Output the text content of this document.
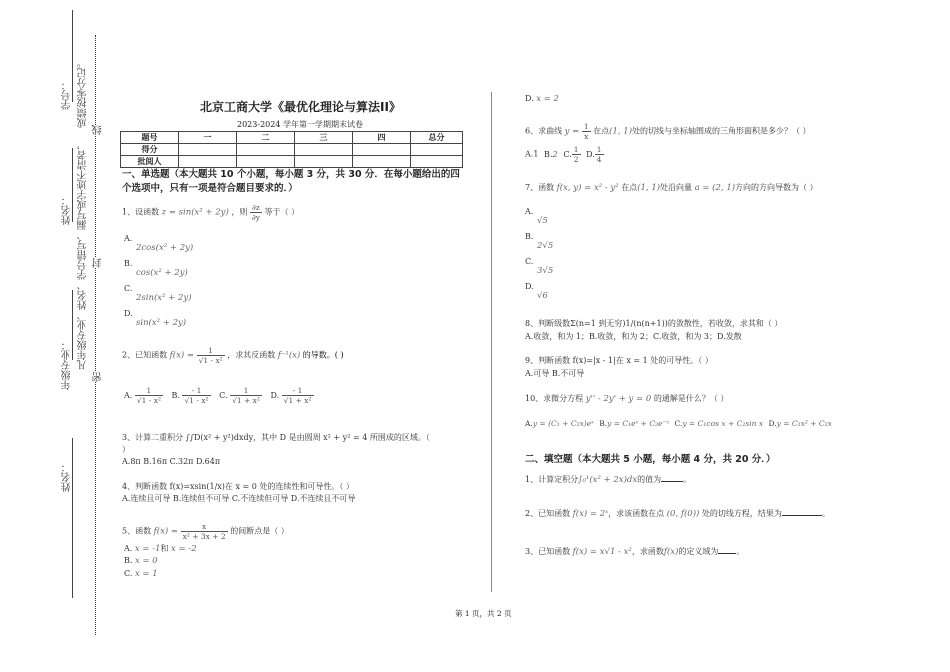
学号：
姓名：
年级专业：
姓名：
成绩按零分记。
凡年级专业、姓名、学号错写、漏写或字迹不清者，
线
封
密
北京工商大学《最优化理论与算法II》
2023-2024 学年第一学期期末试卷
题号	一	二	三	四	总分
得分					
批阅人					
一、单选题（本大题共 10 个小题，每小题 3 分，共 30 分．在每小题给出的四个选项中，只有一项是符合题目要求的．）
1、设函数 z = sin(x² + 2y) ，则 $\frac{\partial z}{\partial y}$ 等于（ ）
A.
2cos(x² + 2y)
B.
cos(x² + 2y)
C.
2sin(x² + 2y)
D.
sin(x² + 2y)
2、已知函数 $f(x) = \frac{1}{\text{√1 - x²}}$ ，求其反函数 f⁻¹(x) 的导数。( )
A. $\frac{1}{\text{√1 - x²}} B$. $\frac{- 1}{\text{√1 - x²}} C$. $\frac{1}{\text{√1 + x²}} D$. $\frac{- 1}{\text{√1 + x²}}$
3、计算二重积分 ∫∫D(x² + y²)dxdy，其中 D 是由圆周 x² + y² = 4 所围成的区域。（
）
A.8π B.16π C.32π D.64π
4、判断函数 f(x)=xsin(1/x)在 x = 0 处的连续性和可导性。（ ）
A.连续且可导 B.连续但不可导 C.不连续但可导 D.不连续且不可导
5、函数 $f(x) = \frac{x}{\text{x² + 3x + 2}}$ 的间断点是（ ）
A. x = -1和 x = -2
B. x = 0
C. x = 1
D. x = 2
6、求曲线 $y = \frac{1}{x}$ 在点(1, 1)处的切线与坐标轴围成的三角形面积是多少？（ ）
A.1 B.2 C. $\frac{1}{2} D$. $\frac{1}{4}$
7、函数 f(x, y) = x² - y² 在点(1, 1)处沿向量 a = (2, 1)方向的方向导数为（ ）
A.
√5
B.
2√5
C.
3√5
D.
√6
8、判断级数Σ(n=1 到无穷)1/(n(n+1))的敛散性，若收敛，求其和（ ）
A.收敛，和为 1；B.收敛，和为 2；C.收敛，和为 3；D.发散
9、判断函数 f(x)=|x - 1|在 x = 1 处的可导性。（ ）
A.可导 B.不可导
10、求微分方程 y'' - 2y' + y = 0 的通解是什么？（ ）
A.y = (C₁ + C₂x)eˣ B.y = C₁eˣ + C₂e⁻ˣ C.y = C₁cos x + C₂sin x D.y = C₁x² + C₂x
二、填空题（本大题共 5 小题，每小题 4 分，共 20 分．）
1、计算定积分∫₀¹(x² + 2x)dx的值为	。
2、已知函数 f(x) = 2ˣ，求该函数在点 (0, f(0)) 处的切线方程，结果为	。
3、已知函数 f(x) = x√1 - x²，求函数f(x)的定义域为 。
第 1 页，共 2 页
